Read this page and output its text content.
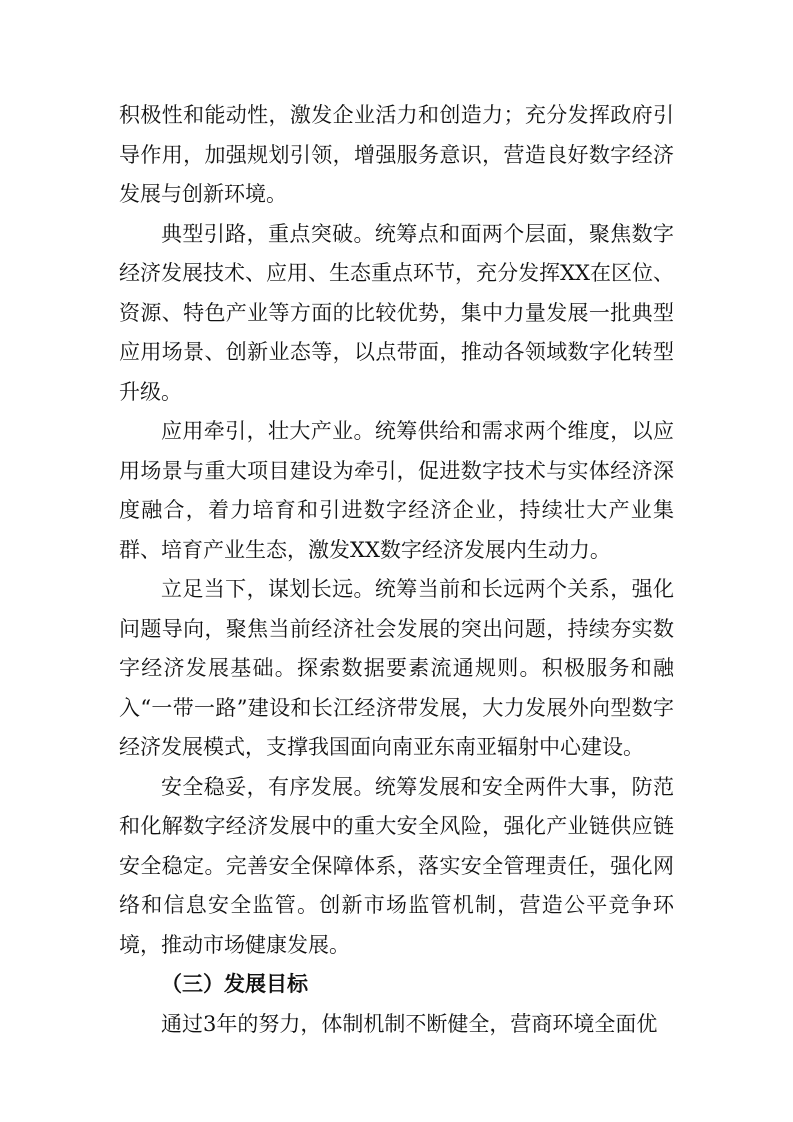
积极性和能动性，激发企业活力和创造力；充分发挥政府引导作用，加强规划引领，增强服务意识，营造良好数字经济发展与创新环境。

典型引路，重点突破。统筹点和面两个层面，聚焦数字经济发展技术、应用、生态重点环节，充分发挥XX在区位、资源、特色产业等方面的比较优势，集中力量发展一批典型应用场景、创新业态等，以点带面，推动各领域数字化转型升级。

应用牵引，壮大产业。统筹供给和需求两个维度，以应用场景与重大项目建设为牵引，促进数字技术与实体经济深度融合，着力培育和引进数字经济企业，持续壮大产业集群、培育产业生态，激发XX数字经济发展内生动力。

立足当下，谋划长远。统筹当前和长远两个关系，强化问题导向，聚焦当前经济社会发展的突出问题，持续夯实数字经济发展基础。探索数据要素流通规则。积极服务和融入“一带一路”建设和长江经济带发展，大力发展外向型数字经济发展模式，支撑我国面向南亚东南亚辐射中心建设。

安全稳妥，有序发展。统筹发展和安全两件大事，防范和化解数字经济发展中的重大安全风险，强化产业链供应链安全稳定。完善安全保障体系，落实安全管理责任，强化网络和信息安全监管。创新市场监管机制，营造公平竞争环境，推动市场健康发展。

（三）发展目标

通过3年的努力，体制机制不断健全，营商环境全面优
